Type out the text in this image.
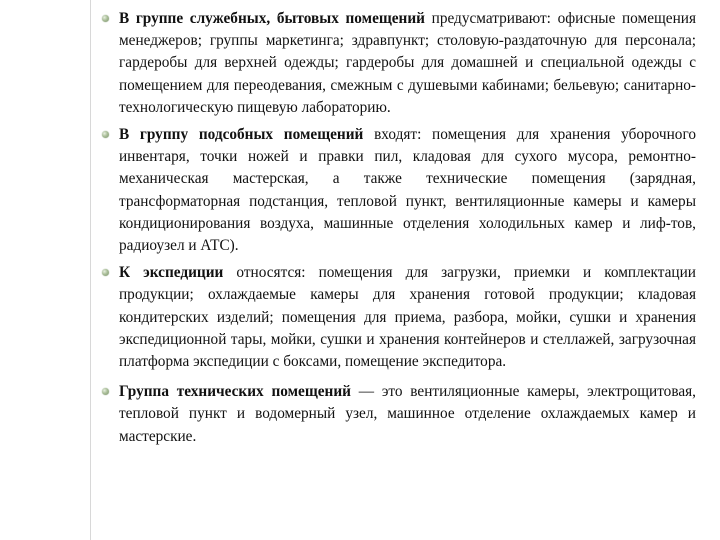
В группе служебных, бытовых помещений предусматривают: офисные помещения менеджеров; группы маркетинга; здравпункт; столовую-раздаточную для персонала; гардеробы для верхней одежды; гардеробы для домашней и специальной одежды с помещением для переодевания, смежным с душевыми кабинами; бельевую; санитарно-технологическую пищевую лабораторию.

В группу подсобных помещений входят: помещения для хранения уборочного инвентаря, точки ножей и правки пил, кладовая для сухого мусора, ремонтно-механическая мастерская, а также технические помещения (зарядная, трансформаторная подстанция, тепловой пункт, вентиляционные камеры и камеры кондиционирования воздуха, машинные отделения холодильных камер и лиф-тов, радиоузел и АТС).

К экспедиции относятся: помещения для загрузки, приемки и комплектации продукции; охлаждаемые камеры для хранения готовой продукции; кладовая кондитерских изделий; помещения для приема, разбора, мойки, сушки и хранения экспедиционной тары, мойки, сушки и хранения контейнеров и стеллажей, загрузочная платформа экспедиции с боксами, помещение экспедитора.

Группа технических помещений — это вентиляционные камеры, электрощитовая, тепловой пункт и водомерный узел, машинное отделение охлаждаемых камер и мастерские.
